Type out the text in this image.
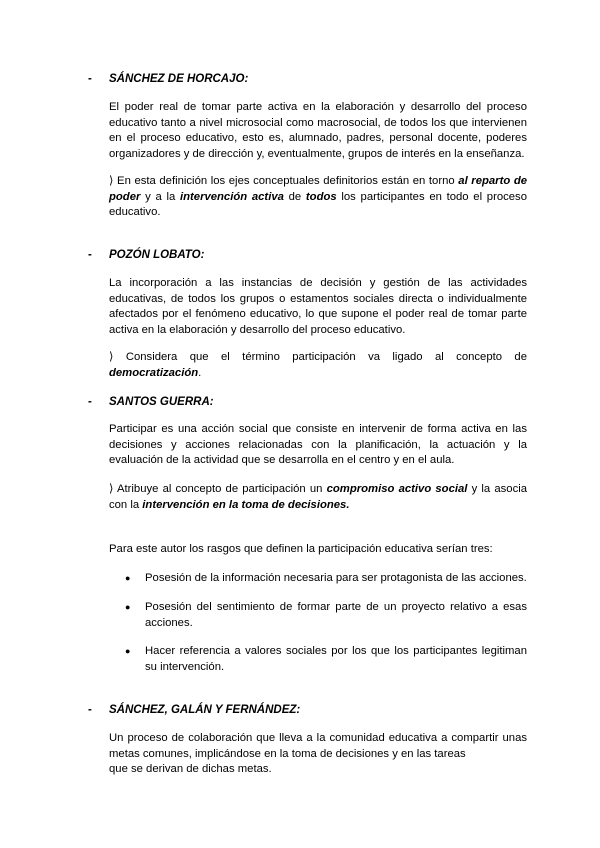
- SÁNCHEZ DE HORCAJO:
El poder real de tomar parte activa en la elaboración y desarrollo del proceso educativo tanto a nivel microsocial como macrosocial, de todos los que intervienen en el proceso educativo, esto es, alumnado, padres, personal docente, poderes organizadores y de dirección y, eventualmente, grupos de interés en la enseñanza.
⟩ En esta definición los ejes conceptuales definitorios están en torno al reparto de poder y a la intervención activa de todos los participantes en todo el proceso educativo.
- POZÓN LOBATO:
La incorporación a las instancias de decisión y gestión de las actividades educativas, de todos los grupos o estamentos sociales directa o individualmente afectados por el fenómeno educativo, lo que supone el poder real de tomar parte activa en la elaboración y desarrollo del proceso educativo.
⟩ Considera que el término participación va ligado al concepto de democratización.
- SANTOS GUERRA:
Participar es una acción social que consiste en intervenir de forma activa en las decisiones y acciones relacionadas con la planificación, la actuación y la evaluación de la actividad que se desarrolla en el centro y en el aula.
⟩ Atribuye al concepto de participación un compromiso activo social y la asocia con la intervención en la toma de decisiones.
Para este autor los rasgos que definen la participación educativa serían tres:
● Posesión de la información necesaria para ser protagonista de las acciones.
● Posesión del sentimiento de formar parte de un proyecto relativo a esas acciones.
● Hacer referencia a valores sociales por los que los participantes legitiman su intervención.
- SÁNCHEZ, GALÁN Y FERNÁNDEZ:
Un proceso de colaboración que lleva a la comunidad educativa a compartir unas
metas comunes, implicándose en la toma de decisiones y en las tareas
que se derivan de dichas metas.
